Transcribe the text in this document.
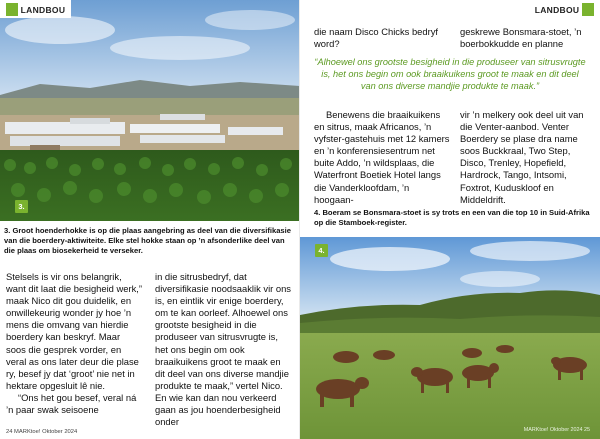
LANDBOU
3.
3. Groot hoenderhokke is op die plaas aangebring as deel van die diversifikasie van die boerdery-aktiwiteite. Elke stel hokke staan op ’n afsonderlike deel van die plaas om biosekerheid te verseker.

Stelsels is vir ons belangrik, want dit laat die besigheid werk,” maak Nico dit gou duidelik, en onwillekeurig wonder jy hoe ’n mens die omvang van hierdie boerdery kan beskryf. Maar soos die gesprek vorder, en veral as ons later deur die plase ry, besef jy dat ‘groot’ nie net in hektare opgesluit lê nie.

“Ons het gou besef, veral ná ’n paar swak seisoene

in die sitrusbedryf, dat diversifikasie noodsaaklik vir ons is, en eintlik vir enige boerdery, om te kan oorleef. Alhoewel ons grootste besigheid in die produseer van sitrusvrugte is, het ons begin om ook braaikuikens groot te maak en dit deel van ons diverse mandjie produkte te maak,” vertel Nico. En wie kan dan nou verkeerd gaan as jou hoenderbesigheid onder

24 MARKtoe! Oktober 2024
LANDBOU

die naam Disco Chicks bedryf word?

geskrewe Bonsmara-stoet, ’n boerbokkudde en planne

“Alhoewel ons grootste besigheid in die produseer van sitrusvrugte is, het ons begin om ook braaikuikens groot te maak en dit deel van ons diverse mandjie produkte te maak.”

Benewens die braaikuikens en sitrus, maak Africanos, ’n vyfster-gastehuis met 12 kamers en ’n konferensiesentrum net buite Addo, ’n wildsplaas, die Waterfront Boetiek Hotel langs die Vanderkloofdam, ’n hoogaan-

vir ’n melkery ook deel uit van die Venter-aanbod. Venter Boerdery se plase dra name soos Buckkraal, Two Step, Disco, Trenley, Hopefield, Hardrock, Tango, Intsomi, Foxtrot, Kuduskloof en Middeldrift.

4. Boeram se Bonsmara-stoet is sy trots en een van die top 10 in Suid-Afrika op die Stamboek-register.
4.
MARKtoe! Oktober 2024 25
